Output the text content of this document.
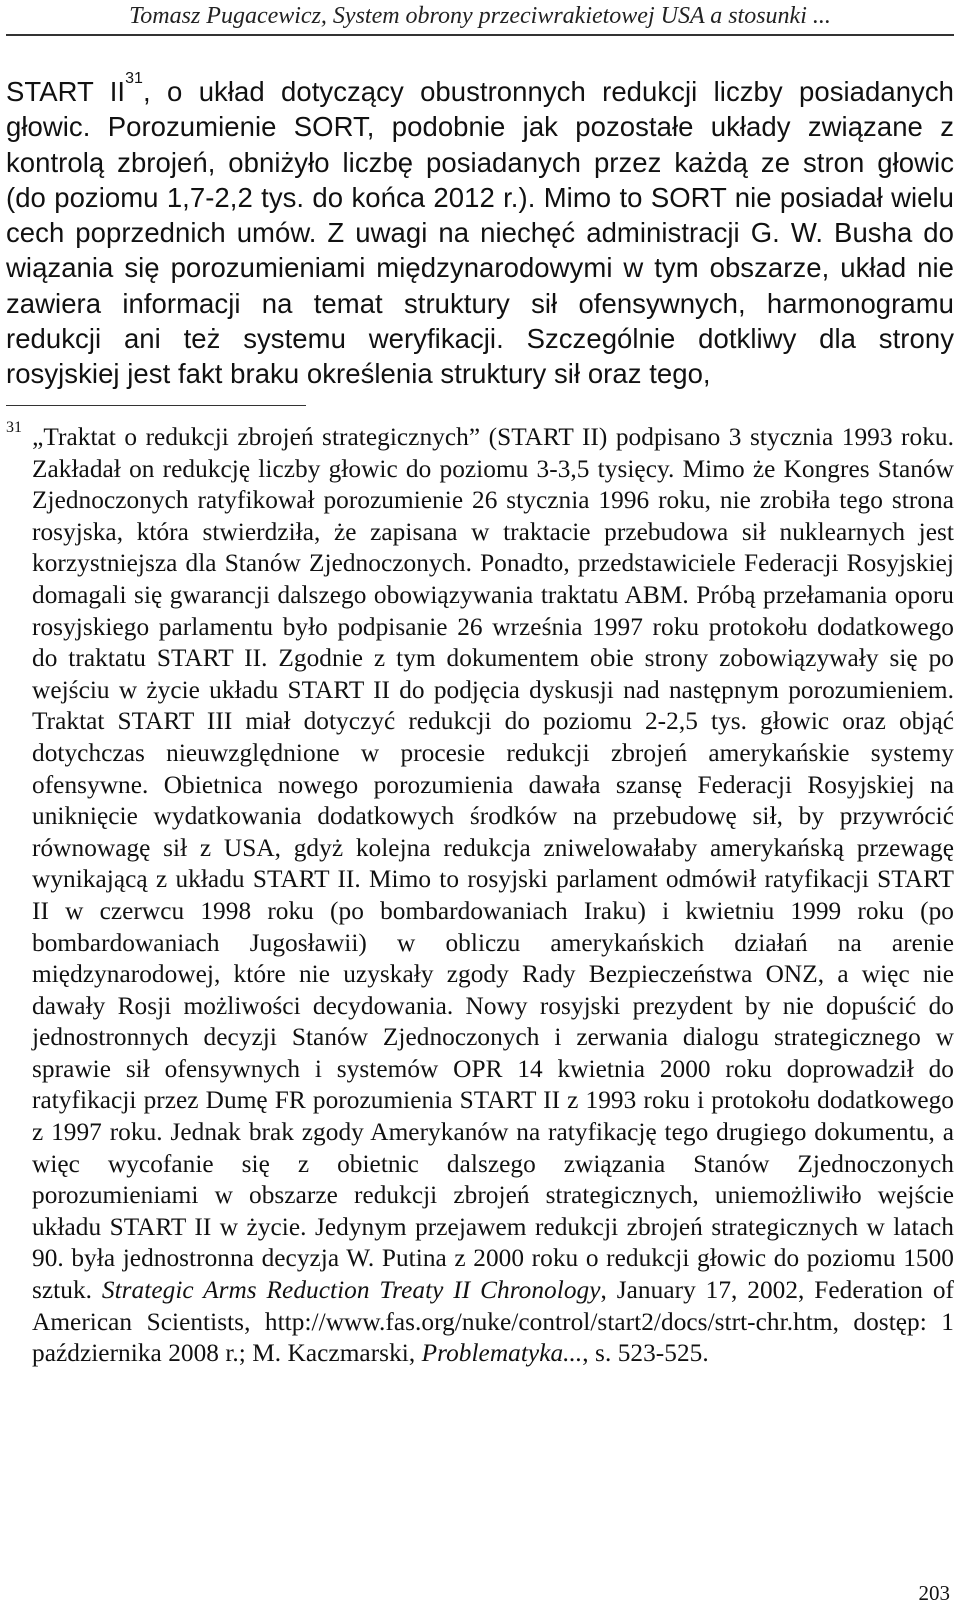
Tomasz Pugacewicz, System obrony przeciwrakietowej USA a stosunki ...
START II$^{31}$, o układ dotyczący obustronnych redukcji liczby posiadanych głowic. Porozumienie SORT, podobnie jak pozostałe układy związane z kontrolą zbrojeń, obniżyło liczbę posiadanych przez każdą ze stron głowic (do poziomu 1,7-2,2 tys. do końca 2012 r.). Mimo to SORT nie posiadał wielu cech poprzednich umów. Z uwagi na niechęć administracji G. W. Busha do wiązania się porozumieniami międzynarodowymi w tym obszarze, układ nie zawiera informacji na temat struktury sił ofensywnych, harmonogramu redukcji ani też systemu weryfikacji. Szczególnie dotkliwy dla strony rosyjskiej jest fakt braku określenia struktury sił oraz tego,

$^{31}$ „Traktat o redukcji zbrojeń strategicznych” (START II) podpisano 3 stycznia 1993 roku. Zakładał on redukcję liczby głowic do poziomu 3-3,5 tysięcy. Mimo że Kongres Stanów Zjednoczonych ratyfikował porozumienie 26 stycznia 1996 roku, nie zrobiła tego strona rosyjska, która stwierdziła, że zapisana w traktacie przebudowa sił nuklearnych jest korzystniejsza dla Stanów Zjednoczonych. Ponadto, przedstawiciele Federacji Rosyjskiej domagali się gwarancji dalszego obowiązywania traktatu ABM. Próbą przełamania oporu rosyjskiego parlamentu było podpisanie 26 września 1997 roku protokołu dodatkowego do traktatu START II. Zgodnie z tym dokumentem obie strony zobowiązywały się po wejściu w życie układu START II do podjęcia dyskusji nad następnym porozumieniem. Traktat START III miał dotyczyć redukcji do poziomu 2-2,5 tys. głowic oraz objąć dotychczas nieuwzględnione w procesie redukcji zbrojeń amerykańskie systemy ofensywne. Obietnica nowego porozumienia dawała szansę Federacji Rosyjskiej na uniknięcie wydatkowania dodatkowych środków na przebudowę sił, by przywrócić równowagę sił z USA, gdyż kolejna redukcja zniwelowałaby amerykańską przewagę wynikającą z układu START II. Mimo to rosyjski parlament odmówił ratyfikacji START II w czerwcu 1998 roku (po bombardowaniach Iraku) i kwietniu 1999 roku (po bombardowaniach Jugosławii) w obliczu amerykańskich działań na arenie międzynarodowej, które nie uzyskały zgody Rady Bezpieczeństwa ONZ, a więc nie dawały Rosji możliwości decydowania. Nowy rosyjski prezydent by nie dopuścić do jednostronnych decyzji Stanów Zjednoczonych i zerwania dialogu strategicznego w sprawie sił ofensywnych i systemów OPR 14 kwietnia 2000 roku doprowadził do ratyfikacji przez Dumę FR porozumienia START II z 1993 roku i protokołu dodatkowego z 1997 roku. Jednak brak zgody Amerykanów na ratyfikację tego drugiego dokumentu, a więc wycofanie się z obietnic dalszego związania Stanów Zjednoczonych porozumieniami w obszarze redukcji zbrojeń strategicznych, uniemożliwiło wejście układu START II w życie. Jedynym przejawem redukcji zbrojeń strategicznych w latach 90. była jednostronna decyzja W. Putina z 2000 roku o redukcji głowic do poziomu 1500 sztuk. Strategic Arms Reduction Treaty II Chronology, January 17, 2002, Federation of American Scientists, http://www.fas.org/nuke/control/start2/docs/strt-chr.htm, dostęp: 1 października 2008 r.; M. Kaczmarski, Problematyka..., s. 523-525.

203
